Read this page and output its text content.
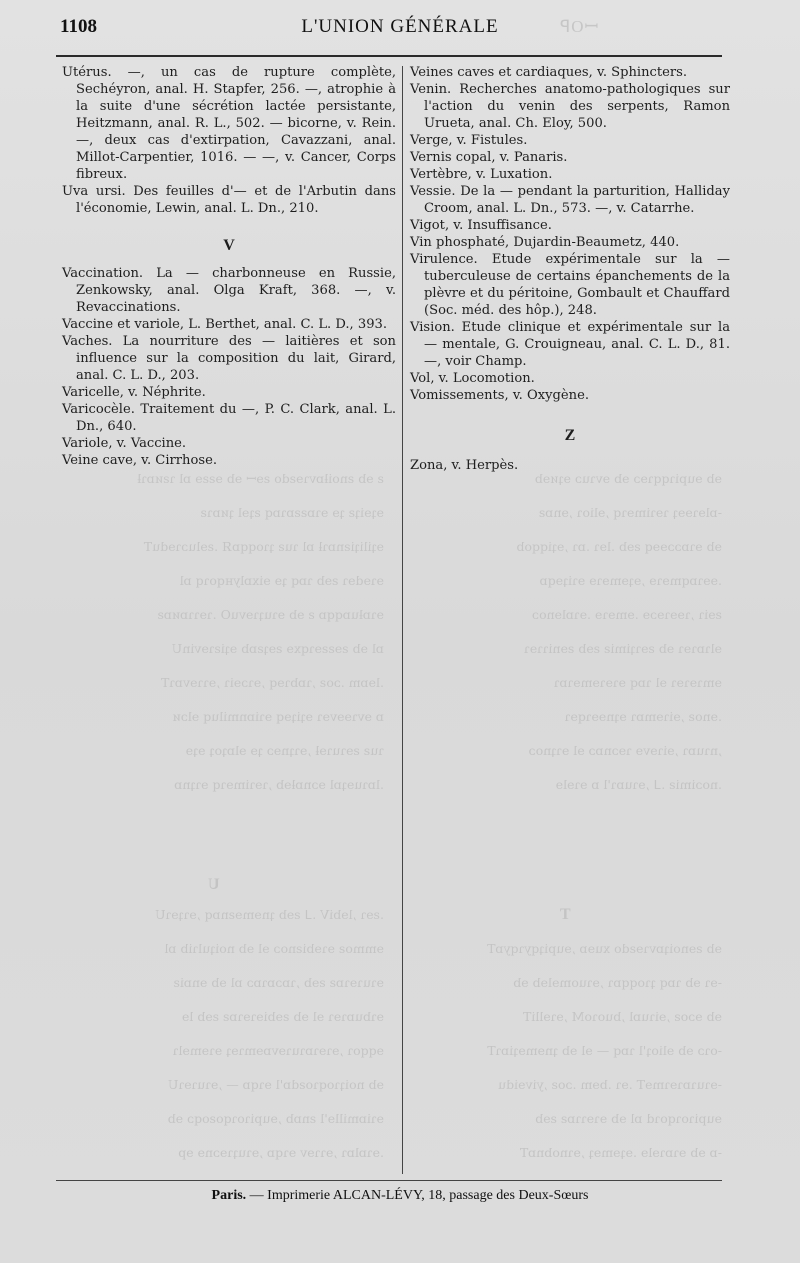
1108	L'UNION GÉNÉRALE	ꟼOꟷ
ƨ ɘb ƨnoiƚɒvɿɘƨdo ƨɘꟷ ɘb ɘƨƨɘ ɒl ɿƨᴎɒɿƚ
ɘʇɘiʇƨ ʇɘ ɘɿɒƨƨɒɿɒq ƨʇɘl ʇᴎɒɿƨ
ɘʇiliʇiƨnɒɿƚ ɒl ɿuƨ ʇɿoqqɒЯ .ƨɘluɔɿɘduT
ɘɿɘdɘɿ ƨɘb ɿɒq ʇɘ ɘixɒlyʜqoɿq ɒl
ɘɿɒƚuɒqqɒ ƨ ɘb ɘɿuʇɿɘvuO .ɿɘɿɿɒᴎɒƨ
ɒl ɘb ƨɘƨƨɘɿqxɘ ƨɘʇƨɒb ɘʇiƨɿɘvinU
.lɘɒm .ɔoƨ ,ɿɒbɿɘq ,ɘɿɔɘiɿ ,ɘɿɿɘvɒɿT
ɒ ɘvɿɘɘvɘɿ ɘʇiʇɘq ɘɿiɒnmiluq ɘlɔᴎ
ɿuƨ ƨɘɿuɿɘƚ ,ɘɿʇnɘɔ ʇɘ ɘlɒʇoʇ ɘʇɘ
.lɒɿuɘʇɒl ɘɔnɒƚɘb ,ɿɘɿimɘɿq ɘɿʇnɒ
U
.ƨɘɿ ,lɘbiV .ᒧ ƨɘb ʇnɘmɘƨnɒq ,ɘɿʇɘɿU
ɘmmoƨ ɘɿɘbiƨnoɔ ɘl ɘb noiʇulɿib ɒl
ɘɿuɿɘɿɒƨ ƨɘb ,ɿɒɔɒɿɒɔ ɒl ɘb ɘnɒiƨ
ɘɿbuɒɿɘɿ ɘl ɘb ƨɘbiɘɿɘɿɒƨ ƨɘb lɘ
ɘqqoɿ ,ɘɿɘɿɒɿuɿɘvɒɘmɿɘʇ ɘɿɘmɘlɿ
ɘb noiʇɿoqɿoƨdɒ'l ɘɿqɒ — ,ɘɿuɿɘɿU
ɘɿiɒmillɘ'l ƨnɒb ,ɘupiɿoɿqoƨoqɔ ɘb
.ɘɿɒlɒɿ ,ɘɿɿɘv ɘɿqɒ ,ɘɿuʇɿɘɔnɘ ɘp
ɘb ɘupiɿqqɿɘɔ ɘb ɘvɿuɔ ɘʇᴎɘb
-ɒlɘɿɘɘʇ ɿɘɿimɘɿq ,ɘlioɿ ,ɘnɒƨ
ɘb ɘɿɒɔɔɘɘq ƨɘb .lɘɿ .ɒɿ ,ɘʇiqqob
.ɘɘɿɒqmɘɿɘ ,ɘʇɘmɘɿɘ ɘɿiʇɘqɒ
ƨɘiɿ ,ɿɘɘɿɘɔɘ .ɘmɘɿɘ .ɘɿɒlɘnoɔ
ɘlɿɒɿɘɿ ɘb ƨɘɿʇimiƨ ƨɘb ƨɘniɿɿɘɿ
ɘmɿɘɿɘɿ ɘl ɿɒq ɘɿɘɿɘmɘɿɒɿ
.ɘnoƨ ,ɘiɿɘmɒɿ ɘʇnɘɘɿqɘɿ
,nɿuɒɿ ,ɘiɿɘvɘ ɿɘɔnɒɔ ɘl ɘɿʇnoɔ
.noɔimiƨ .ᒧ ,ɘɿuɒɿ'l ɒ ɘɿɘlɘ
T
ɘb ƨɘnoiʇɒvɿɘƨdo xuɘɒ ,ɘupiʇqyɿqyɒT
-ɘɿ ɘb ɿɒq ʇɿoqqɒɿ ,ɘɿuomɘlɘb ɘb
ɘb ɘɔoƨ ,ɘiɿuɒl ,buoɿoM ,ɘɿɘlliT
-oɿɔ ɘb ɘlioʇ'l ɿɒq — ɘl ɘb ʇnɘmɘʇiɒɿT
-ɘɿuɿɒɿɘɿmɘT .ɘɿ .bɘm .ɔoƨ ,yivɘidu
ɘupiɿoɿqoɿd ɒl ɘb ɘɿɘɿɿɒƨ ƨɘb
-ɒ ɘb ɘɿɒɿɘlɘ .ɘʇɘmɘʇ ,ɘɿnobnɒT

Utérus. —, un cas de rupture complète, Sechéyron, anal. H. Stapfer, 256. —, atrophie à la suite d'une sécrétion lactée persistante, Heitzmann, anal. R. L., 502. — bicorne, v. Rein. —, deux cas d'extirpation, Cavazzani, anal. Millot-Carpentier, 1016. — —, v. Cancer, Corps fibreux.

Uva ursi. Des feuilles d'— et de l'Arbutin dans l'économie, Lewin, anal. L. Dn., 210.

V

Vaccination. La — charbonneuse en Russie, Zenkowsky, anal. Olga Kraft, 368. —, v. Revaccinations.

Vaccine et variole, L. Berthet, anal. C. L. D., 393.

Vaches. La nourriture des — laitières et son influence sur la composition du lait, Girard, anal. C. L. D., 203.

Varicelle, v. Néphrite.

Varicocèle. Traitement du —, P. C. Clark, anal. L. Dn., 640.

Variole, v. Vaccine.

Veine cave, v. Cirrhose.

Veines caves et cardiaques, v. Sphincters.

Venin. Recherches anatomo-pathologiques sur l'action du venin des serpents, Ramon Urueta, anal. Ch. Eloy, 500.

Verge, v. Fistules.

Vernis copal, v. Panaris.

Vertèbre, v. Luxation.

Vessie. De la — pendant la parturition, Halliday Croom, anal. L. Dn., 573. —, v. Catarrhe.

Vigot, v. Insuffisance.

Vin phosphaté, Dujardin-Beaumetz, 440.

Virulence. Etude expérimentale sur la — tuberculeuse de certains épanchements de la plèvre et du péritoine, Gombault et Chauffard (Soc. méd. des hôp.), 248.

Vision. Etude clinique et expérimentale sur la — mentale, G. Crouigneau, anal. C. L. D., 81. —, voir Champ.

Vol, v. Locomotion.

Vomissements, v. Oxygène.

Z

Zona, v. Herpès.

Paris. — Imprimerie ALCAN-LÉVY, 18, passage des Deux-Sœurs
